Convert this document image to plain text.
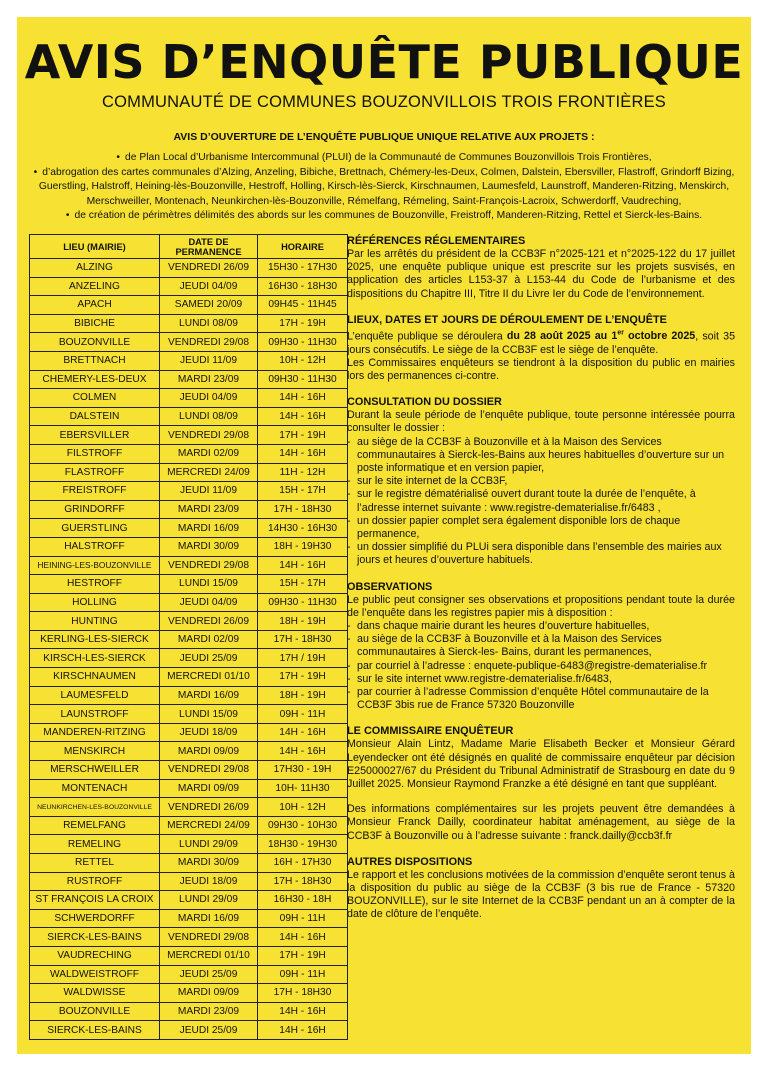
AVIS D’ENQUÊTE PUBLIQUE
COMMUNAUTÉ DE COMMUNES BOUZONVILLOIS TROIS FRONTIÈRES
AVIS D’OUVERTURE DE L’ENQUÊTE PUBLIQUE UNIQUE RELATIVE AUX PROJETS :
• de Plan Local d’Urbanisme Intercommunal (PLUI) de la Communauté de Communes Bouzonvillois Trois Frontières,
• d’abrogation des cartes communales d’Alzing, Anzeling, Bibiche, Brettnach, Chémery-les-Deux, Colmen, Dalstein, Ebersviller, Flastroff, Grindorff Bizing, Guerstling, Halstroff, Heining-lès-Bouzonville, Hestroff, Holling, Kirsch-lès-Sierck, Kirschnaumen, Laumesfeld, Launstroff, Manderen-Ritzing, Menskirch, Merschweiller, Montenach, Neunkirchen-lès-Bouzonville, Rémelfang, Rémeling, Saint-François-Lacroix, Schwerdorff, Vaudreching,
• de création de périmètres délimités des abords sur les communes de Bouzonville, Freistroff, Manderen-Ritzing, Rettel et Sierck-les-Bains.
LIEU (MAIRIE)	DATE DE PERMANENCE	HORAIRE
ALZING	VENDREDI 26/09	15H30 - 17H30
ANZELING	JEUDI 04/09	16H30 - 18H30
APACH	SAMEDI 20/09	09H45 - 11H45
BIBICHE	LUNDI 08/09	17H - 19H
BOUZONVILLE	VENDREDI 29/08	09H30 - 11H30
BRETTNACH	JEUDI 11/09	10H - 12H
CHEMERY-LES-DEUX	MARDI 23/09	09H30 - 11H30
COLMEN	JEUDI 04/09	14H - 16H
DALSTEIN	LUNDI 08/09	14H - 16H
EBERSVILLER	VENDREDI 29/08	17H - 19H
FILSTROFF	MARDI 02/09	14H - 16H
FLASTROFF	MERCREDI 24/09	11H - 12H
FREISTROFF	JEUDI 11/09	15H - 17H
GRINDORFF	MARDI 23/09	17H - 18H30
GUERSTLING	MARDI 16/09	14H30 - 16H30
HALSTROFF	MARDI 30/09	18H - 19H30
HEINING-LES-BOUZONVILLE	VENDREDI 29/08	14H - 16H
HESTROFF	LUNDI 15/09	15H - 17H
HOLLING	JEUDI 04/09	09H30 - 11H30
HUNTING	VENDREDI 26/09	18H - 19H
KERLING-LES-SIERCK	MARDI 02/09	17H - 18H30
KIRSCH-LES-SIERCK	JEUDI 25/09	17H / 19H
KIRSCHNAUMEN	MERCREDI 01/10	17H - 19H
LAUMESFELD	MARDI 16/09	18H - 19H
LAUNSTROFF	LUNDI 15/09	09H - 11H
MANDEREN-RITZING	JEUDI 18/09	14H - 16H
MENSKIRCH	MARDI 09/09	14H - 16H
MERSCHWEILLER	VENDREDI 29/08	17H30 - 19H
MONTENACH	MARDI 09/09	10H- 11H30
NEUNKIRCHEN-LES-BOUZONVILLE	VENDREDI 26/09	10H - 12H
REMELFANG	MERCREDI 24/09	09H30 - 10H30
REMELING	LUNDI 29/09	18H30 - 19H30
RETTEL	MARDI 30/09	16H - 17H30
RUSTROFF	JEUDI 18/09	17H - 18H30
ST FRANÇOIS LA CROIX	LUNDI 29/09	16H30 - 18H
SCHWERDORFF	MARDI 16/09	09H - 11H
SIERCK-LES-BAINS	VENDREDI 29/08	14H - 16H
VAUDRECHING	MERCREDI 01/10	17H - 19H
WALDWEISTROFF	JEUDI 25/09	09H - 11H
WALDWISSE	MARDI 09/09	17H - 18H30
BOUZONVILLE	MARDI 23/09	14H - 16H
SIERCK-LES-BAINS	JEUDI 25/09	14H - 16H
RÉFÉRENCES RÉGLEMENTAIRES

Par les arrêtés du président de la CCB3F n°2025-121 et n°2025-122 du 17 juillet 2025, une enquête publique unique est prescrite sur les projets susvisés, en application des articles L153-37 à L153-44 du Code de l’urbanisme et des dispositions du Chapitre III, Titre II du Livre Ier du Code de l’environnement.

LIEUX, DATES ET JOURS DE DÉROULEMENT DE L’ENQUÊTE

L’enquête publique se déroulera du 28 août 2025 au 1er octobre 2025, soit 35 jours consécutifs. Le siège de la CCB3F est le siège de l’enquête.

Les Commissaires enquêteurs se tiendront à la disposition du public en mairies lors des permanences ci-contre.

CONSULTATION DU DOSSIER

Durant la seule période de l’enquête publique, toute personne intéressée pourra consulter le dossier :

- au siège de la CCB3F à Bouzonville et à la Maison des Services communautaires à Sierck-les-Bains aux heures habituelles d’ouverture sur un poste informatique et en version papier,
- sur le site internet de la CCB3F,
- sur le registre dématérialisé ouvert durant toute la durée de l’enquête, à l’adresse internet suivante : www.registre-dematerialise.fr/6483 ,
- un dossier papier complet sera également disponible lors de chaque permanence,
- un dossier simplifié du PLUi sera disponible dans l’ensemble des mairies aux jours et heures d’ouverture habituels.
OBSERVATIONS

Le public peut consigner ses observations et propositions pendant toute la durée de l’enquête dans les registres papier mis à disposition :

- dans chaque mairie durant les heures d’ouverture habituelles,
- au siège de la CCB3F à Bouzonville et à la Maison des Services communautaires à Sierck-les- Bains, durant les permanences,
- par courriel à l’adresse : enquete-publique-6483@registre-dematerialise.fr
- sur le site internet www.registre-dematerialise.fr/6483,
- par courrier à l’adresse Commission d’enquête Hôtel communautaire de la CCB3F 3bis rue de France 57320 Bouzonville
LE COMMISSAIRE ENQUÊTEUR

Monsieur Alain Lintz, Madame Marie Elisabeth Becker et Monsieur Gérard Leyendecker ont été désignés en qualité de commissaire enquêteur par décision E25000027/67 du Président du Tribunal Administratif de Strasbourg en date du 9 Juillet 2025. Monsieur Raymond Franzke a été désigné en tant que suppléant.

Des informations complémentaires sur les projets peuvent être demandées à Monsieur Franck Dailly, coordinateur habitat aménagement, au siège de la CCB3F à Bouzonville ou à l’adresse suivante : franck.dailly@ccb3f.fr

AUTRES DISPOSITIONS

Le rapport et les conclusions motivées de la commission d’enquête seront tenus à la disposition du public au siège de la CCB3F (3 bis rue de France - 57320 BOUZONVILLE), sur le site Internet de la CCB3F pendant un an à compter de la date de clôture de l’enquête.
